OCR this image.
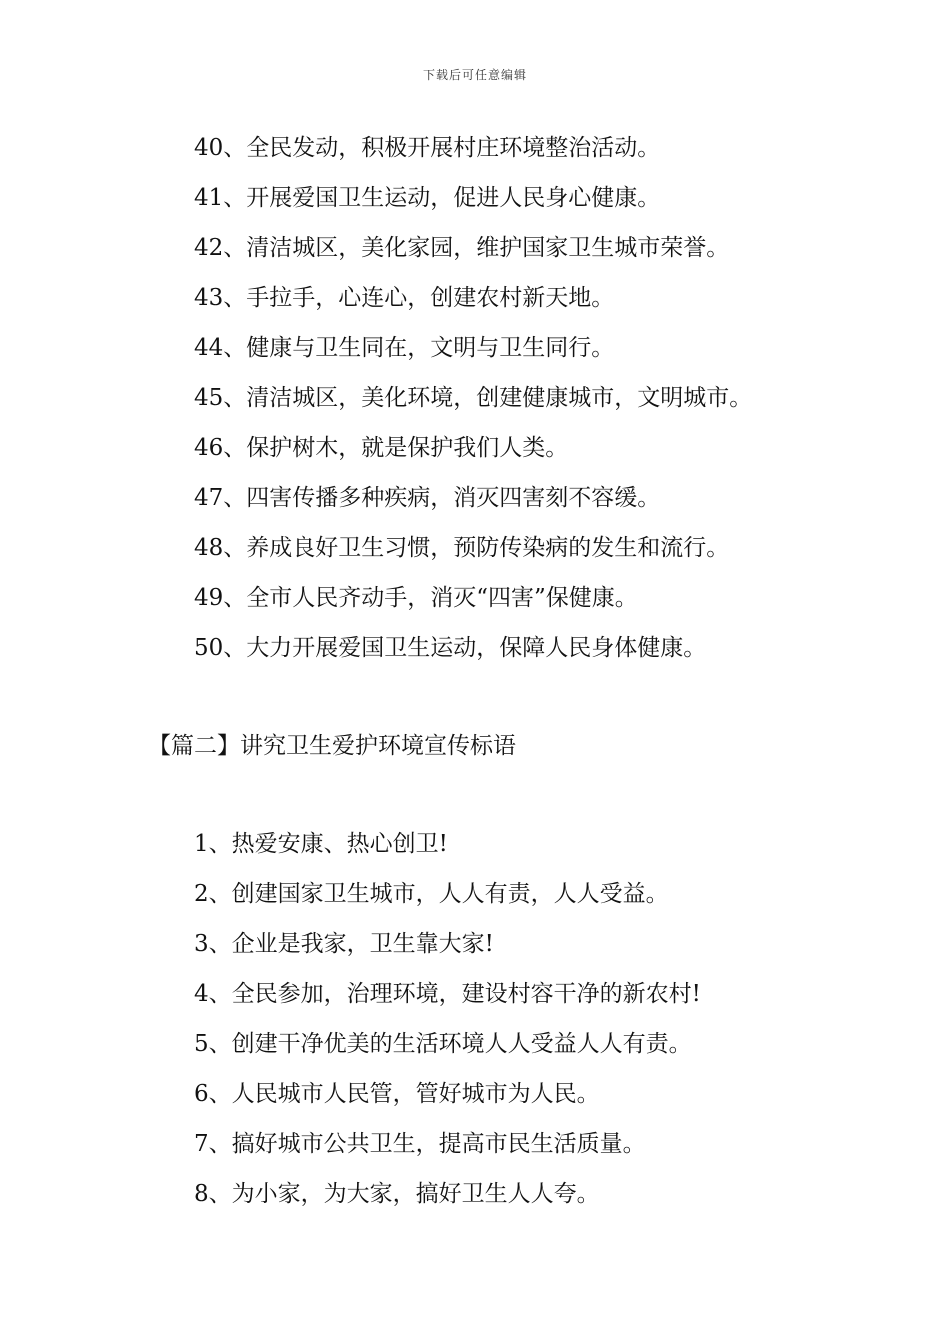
下载后可任意编辑
40、全民发动，积极开展村庄环境整治活动。
41、开展爱国卫生运动，促进人民身心健康。
42、清洁城区，美化家园，维护国家卫生城市荣誉。
43、手拉手，心连心，创建农村新天地。
44、健康与卫生同在，文明与卫生同行。
45、清洁城区，美化环境，创建健康城市，文明城市。
46、保护树木，就是保护我们人类。
47、四害传播多种疾病，消灭四害刻不容缓。
48、养成良好卫生习惯，预防传染病的发生和流行。
49、全市人民齐动手，消灭“四害”保健康。
50、大力开展爱国卫生运动，保障人民身体健康。
【篇二】讲究卫生爱护环境宣传标语
1、热爱安康、热心创卫!
2、创建国家卫生城市，人人有责，人人受益。
3、企业是我家，卫生靠大家!
4、全民参加，治理环境，建设村容干净的新农村!
5、创建干净优美的生活环境人人受益人人有责。
6、人民城市人民管，管好城市为人民。
7、搞好城市公共卫生，提高市民生活质量。
8、为小家，为大家，搞好卫生人人夸。
